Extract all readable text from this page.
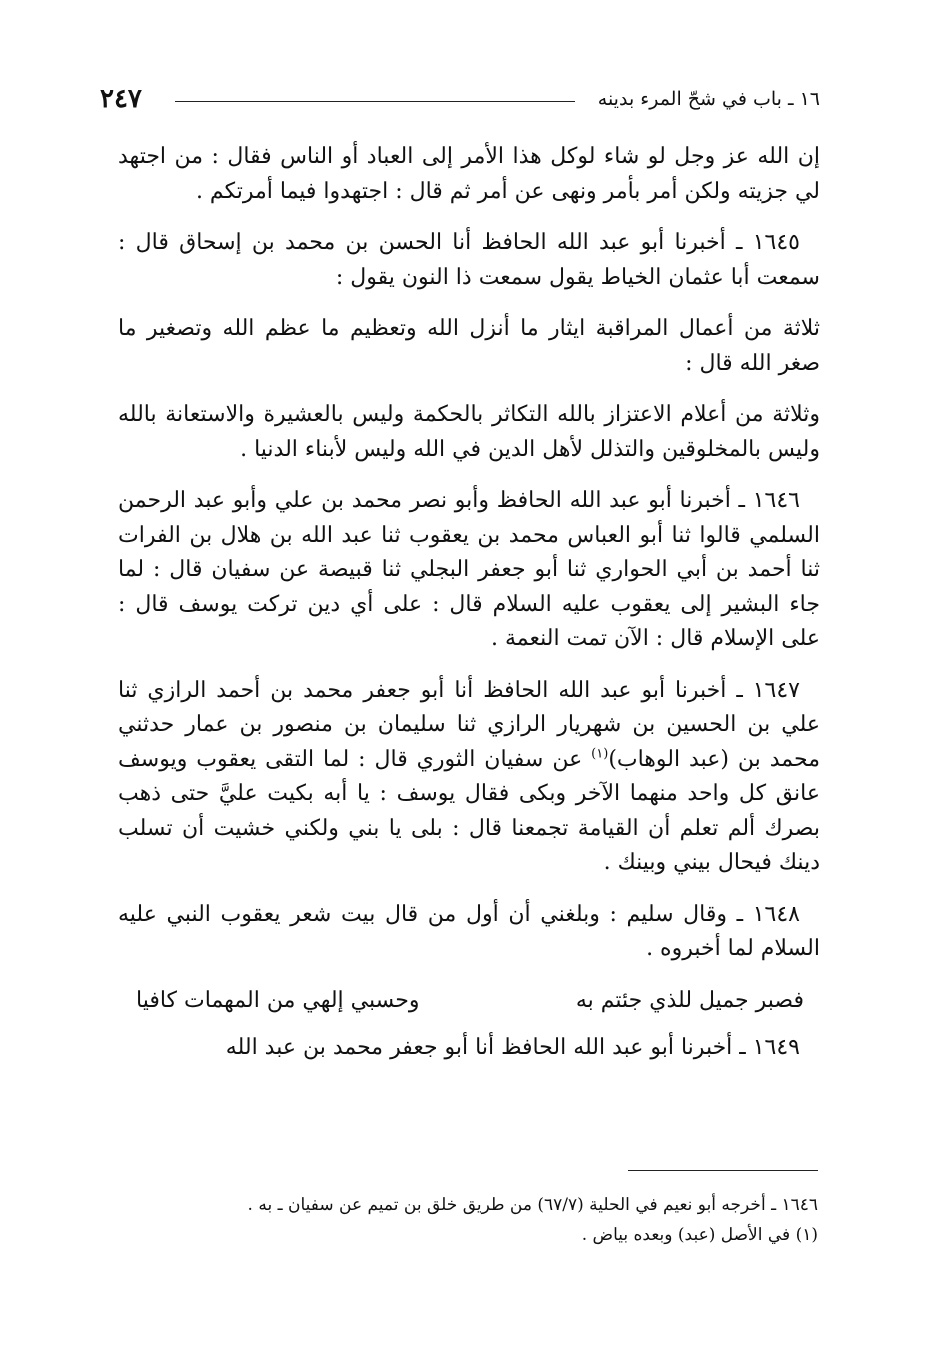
٢٤٧	١٦ ـ باب في شحّ المرء بدينه

إن الله عز وجل لو شاء لوكل هذا الأمر إلى العباد أو الناس فقال : من اجتهد لي جزيته ولكن أمر بأمر ونهى عن أمر ثم قال : اجتهدوا فيما أمرتكم .

١٦٤٥ ـ أخبرنا أبو عبد الله الحافظ أنا الحسن بن محمد بن إسحاق قال : سمعت أبا عثمان الخياط يقول سمعت ذا النون يقول :

ثلاثة من أعمال المراقبة ايثار ما أنزل الله وتعظيم ما عظم الله وتصغير ما صغر الله قال :

وثلاثة من أعلام الاعتزاز بالله التكاثر بالحكمة وليس بالعشيرة والاستعانة بالله وليس بالمخلوقين والتذلل لأهل الدين في الله وليس لأبناء الدنيا .

١٦٤٦ ـ أخبرنا أبو عبد الله الحافظ وأبو نصر محمد بن علي وأبو عبد الرحمن السلمي قالوا ثنا أبو العباس محمد بن يعقوب ثنا عبد الله بن هلال بن الفرات ثنا أحمد بن أبي الحواري ثنا أبو جعفر البجلي ثنا قبيصة عن سفيان قال : لما جاء البشير إلى يعقوب عليه السلام قال : على أي دين تركت يوسف قال : على الإسلام قال : الآن تمت النعمة .

١٦٤٧ ـ أخبرنا أبو عبد الله الحافظ أنا أبو جعفر محمد بن أحمد الرازي ثنا علي بن الحسين بن شهريار الرازي ثنا سليمان بن منصور بن عمار حدثني محمد بن (عبد الوهاب)$^{(١)}$ عن سفيان الثوري قال : لما التقى يعقوب ويوسف عانق كل واحد منهما الآخر وبكى فقال يوسف : يا أبه بكيت عليَّ حتى ذهب بصرك ألم تعلم أن القيامة تجمعنا قال : بلى يا بني ولكني خشيت أن تسلب دينك فيحال بيني وبينك .

١٦٤٨ ـ وقال سليم : وبلغني أن أول من قال بيت شعر يعقوب النبي عليه السلام لما أخبروه .

فصبر جميل للذي جئتم به
وحسبي إلهي من المهمات كافيا

١٦٤٩ ـ أخبرنا أبو عبد الله الحافظ أنا أبو جعفر محمد بن عبد الله

١٦٤٦ ـ أخرجه أبو نعيم في الحلية (٦٧/٧) من طريق خلق بن تميم عن سفيان ـ به .

(١) في الأصل (عبد) وبعده بياض .
